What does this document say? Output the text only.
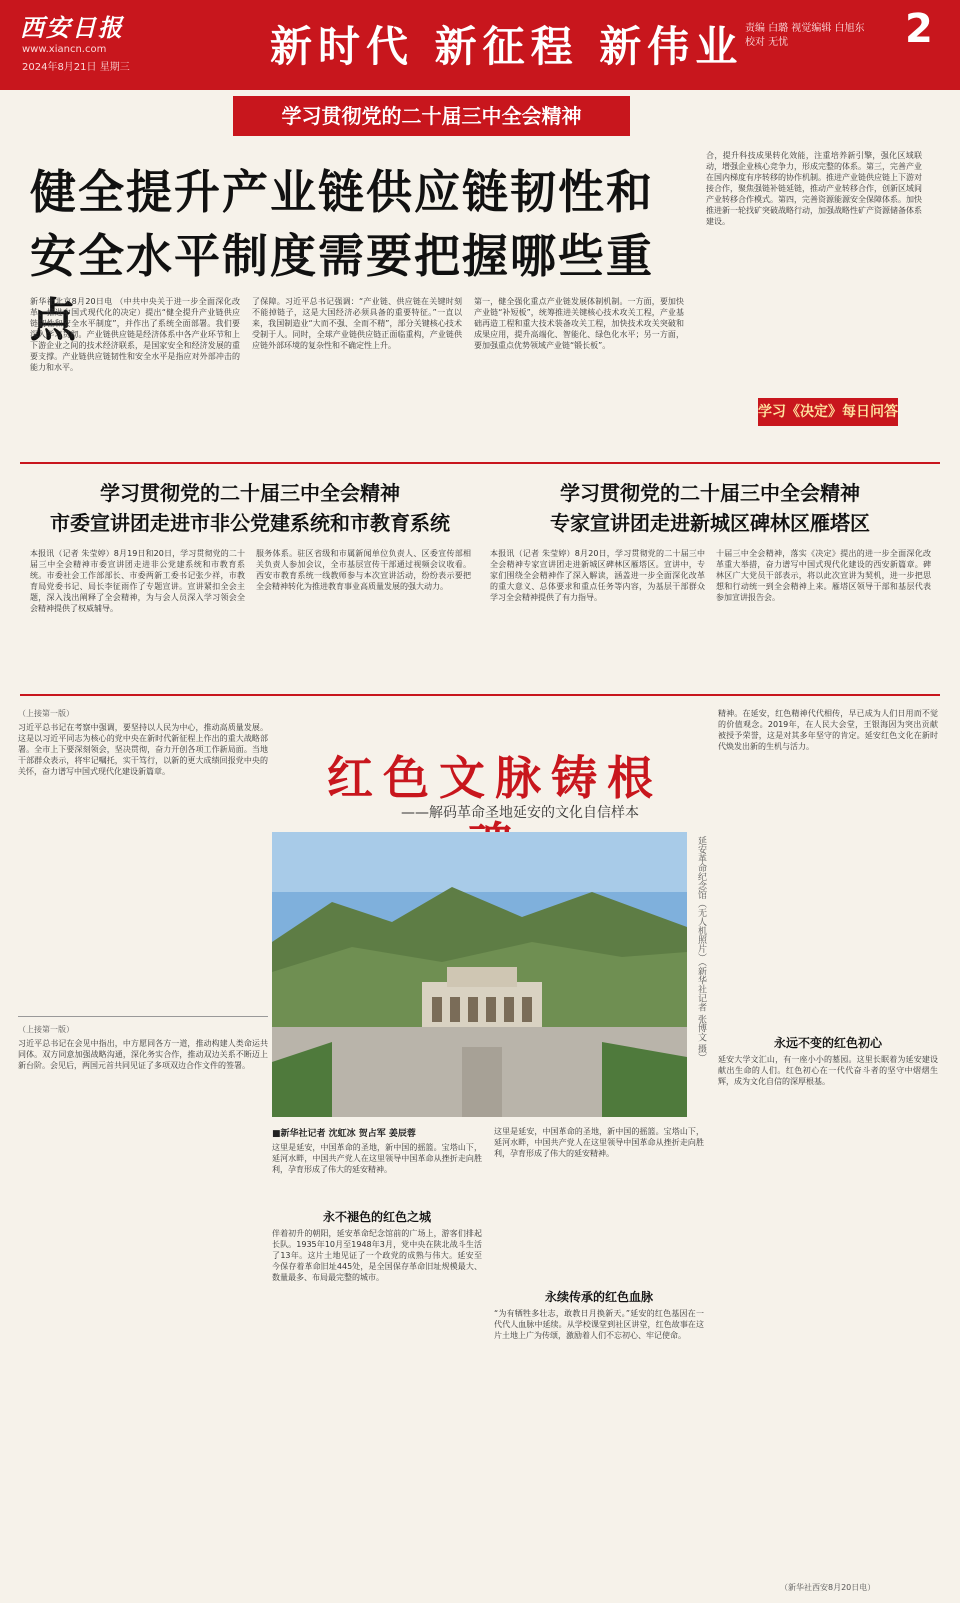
西安日报
www.xiancn.com
2024年8月21日 星期三	新时代 新征程 新伟业 责编 白璐 视觉编辑 白旭东
校对 无忧	2
学习贯彻党的二十届三中全会精神
健全提升产业链供应链韧性和
安全水平制度需要把握哪些重点
新华社北京8月20日电 （中共中央关于进一步全面深化改革、推进中国式现代化的决定）提出“健全提升产业链供应链韧性和安全水平制度”，并作出了系统全面部署。我们要深入学习贯彻。产业链供应链是经济体系中各产业环节和上下游企业之间的技术经济联系，是国家安全和经济发展的重要支撑。产业链供应链韧性和安全水平是指应对外部冲击的能力和水平。
了保障。习近平总书记强调：“产业链、供应链在关键时刻不能掉链子，这是大国经济必须具备的重要特征。”一直以来，我国制造业“大而不强、全而不精”，部分关键核心技术受制于人。同时，全球产业链供应链正面临重构，产业链供应链外部环境的复杂性和不确定性上升。
第一，健全强化重点产业链发展体制机制。一方面，要加快产业链“补短板”，统筹推进关键核心技术攻关工程，产业基础再造工程和重大技术装备攻关工程，加快技术攻关突破和成果应用，提升高端化、智能化、绿色化水平；另一方面，要加强重点优势领域产业链“锻长板”。
合，提升科技成果转化效能，注重培养新引擎，强化区域联动，增强企业核心竞争力，形成完整的体系。第三，完善产业在国内梯度有序转移的协作机制。推进产业链供应链上下游对接合作，聚焦强链补链延链，推动产业转移合作，创新区域间产业转移合作模式。第四，完善资源能源安全保障体系。加快推进新一轮找矿突破战略行动，加强战略性矿产资源储备体系建设。
学习《决定》每日问答
学习贯彻党的二十届三中全会精神
市委宣讲团走进市非公党建系统和市教育系统
本报讯（记者 朱莹婷）8月19日和20日，学习贯彻党的二十届三中全会精神市委宣讲团走进非公党建系统和市教育系统。市委社会工作部部长、市委两新工委书记张少祥，市教育局党委书记、局长李征雨作了专题宣讲。宣讲紧扣全会主题，深入浅出阐释了全会精神，为与会人员深入学习领会全会精神提供了权威辅导。
服务体系。驻区省级和市属新闻单位负责人、区委宣传部相关负责人参加会议，全市基层宣传干部通过视频会议收看。西安市教育系统一线教师参与本次宣讲活动，纷纷表示要把全会精神转化为推进教育事业高质量发展的强大动力。
学习贯彻党的二十届三中全会精神
专家宣讲团走进新城区碑林区雁塔区
本报讯（记者 朱莹婷）8月20日，学习贯彻党的二十届三中全会精神专家宣讲团走进新城区碑林区雁塔区。宣讲中，专家们围绕全会精神作了深入解读，涵盖进一步全面深化改革的重大意义、总体要求和重点任务等内容，为基层干部群众学习全会精神提供了有力指导。
十届三中全会精神，落实《决定》提出的进一步全面深化改革重大举措，奋力谱写中国式现代化建设的西安新篇章。碑林区广大党员干部表示，将以此次宣讲为契机，进一步把思想和行动统一到全会精神上来。雁塔区领导干部和基层代表参加宣讲报告会。
（上接第一版）
习近平总书记在考察中强调，要坚持以人民为中心，推动高质量发展。这是以习近平同志为核心的党中央在新时代新征程上作出的重大战略部署。全市上下要深刻领会，坚决贯彻，奋力开创各项工作新局面。当地干部群众表示，将牢记嘱托，实干笃行，以新的更大成绩回报党中央的关怀，奋力谱写中国式现代化建设新篇章。
（上接第一版）
习近平总书记在会见中指出，中方愿同各方一道，推动构建人类命运共同体。双方同意加强战略沟通，深化务实合作，推动双边关系不断迈上新台阶。会见后，两国元首共同见证了多项双边合作文件的签署。
红色文脉铸根
——解码革命圣地延安的文化自信样本
延安革命纪念馆（无人机照片）（新华社记者 张博文 摄）
■新华社记者 沈虹冰 贺占军 姜辰蓉
这里是延安，中国革命的圣地，新中国的摇篮。宝塔山下，延河水畔，中国共产党人在这里领导中国革命从挫折走向胜利，孕育形成了伟大的延安精神。
永不褪色的红色之城
伴着初升的朝阳，延安革命纪念馆前的广场上，游客们排起长队。1935年10月至1948年3月，党中央在陕北战斗生活了13年。这片土地见证了一个政党的成熟与伟大。延安至今保存着革命旧址445处，是全国保存革命旧址规模最大、数量最多、布局最完整的城市。
这里是延安，中国革命的圣地，新中国的摇篮。宝塔山下，延河水畔，中国共产党人在这里领导中国革命从挫折走向胜利，孕育形成了伟大的延安精神。
永续传承的红色血脉
“为有牺牲多壮志，敢教日月换新天。”延安的红色基因在一代代人血脉中延续。从学校课堂到社区讲堂，红色故事在这片土地上广为传颂，激励着人们不忘初心、牢记使命。
精神。在延安，红色精神代代相传，早已成为人们日用而不觉的价值观念。2019年，在人民大会堂，王银海因为突出贡献被授予荣誉，这是对其多年坚守的肯定。延安红色文化在新时代焕发出新的生机与活力。
永远不变的红色初心
延安大学文汇山，有一座小小的墓园。这里长眠着为延安建设献出生命的人们。红色初心在一代代奋斗者的坚守中熠熠生辉，成为文化自信的深厚根基。
（新华社西安8月20日电）
